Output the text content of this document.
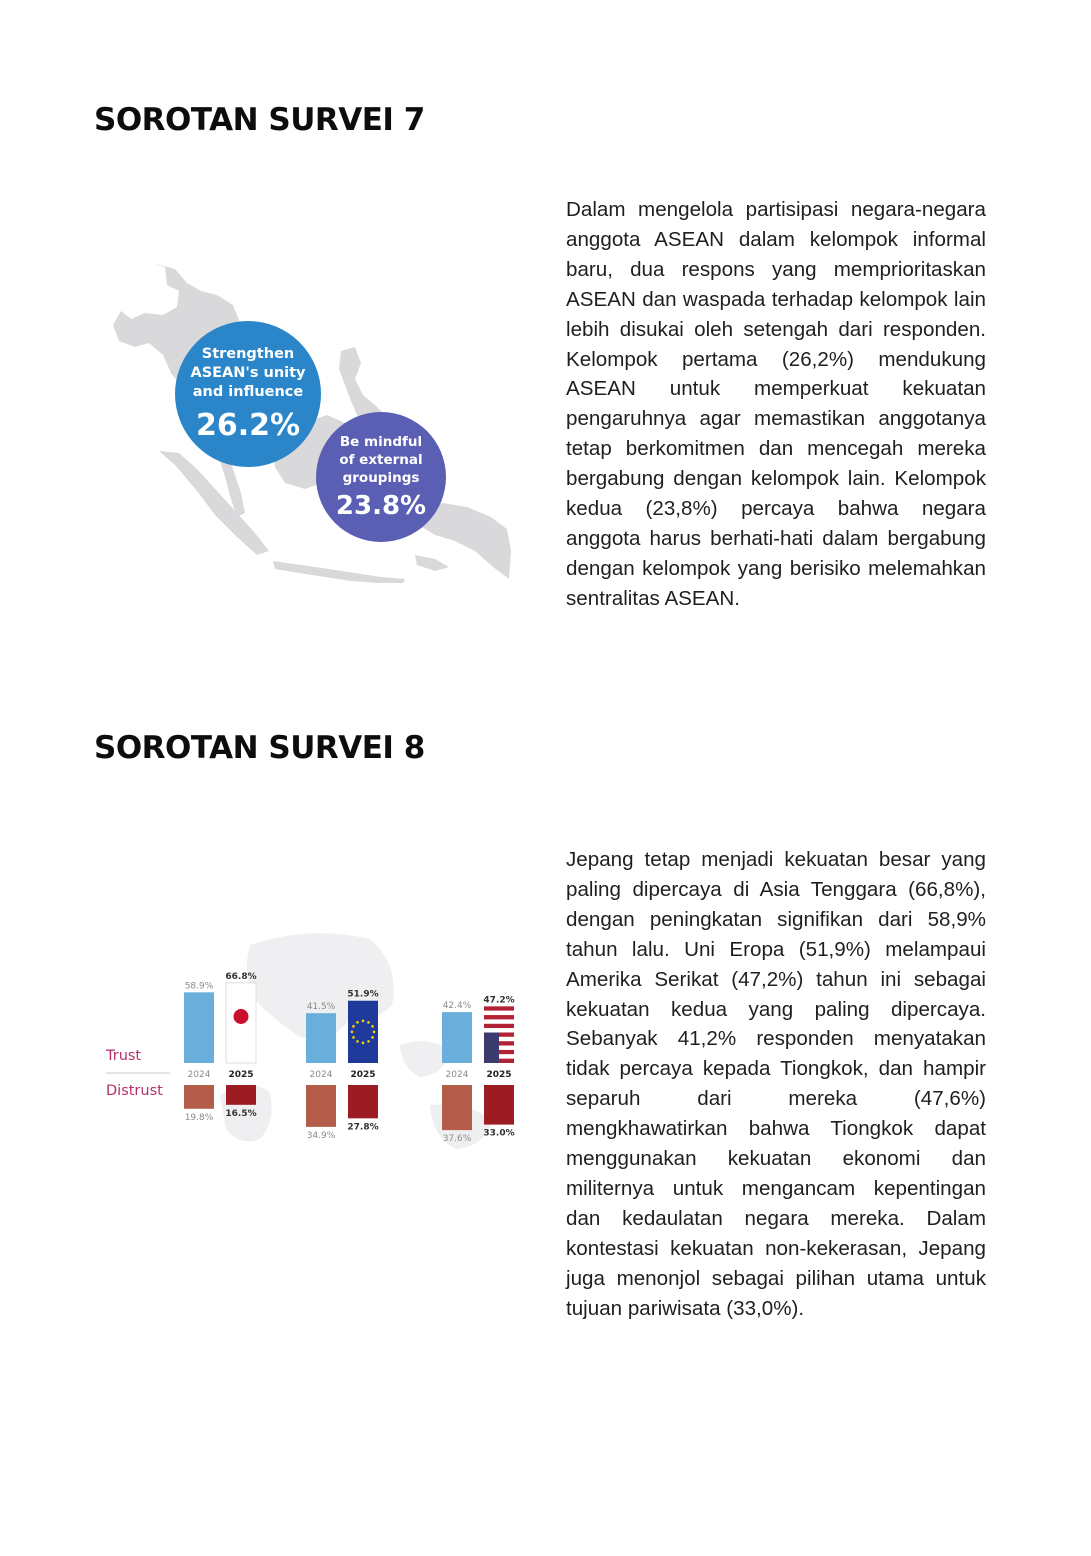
SOROTAN SURVEI 7
Strengthen
ASEAN's unity
and influence
26.2%	Be mindful
of external
groupings
23.8%

Dalam mengelola partisipasi negara-negara anggota ASEAN dalam kelompok informal baru, dua respons yang memprioritaskan ASEAN dan waspada terhadap kelompok lain lebih disukai oleh setengah dari responden. Kelompok pertama (26,2%) mendukung ASEAN untuk memperkuat kekuatan pengaruhnya agar memastikan anggotanya tetap berkomitmen dan mencegah mereka bergabung dengan kelompok lain. Kelompok kedua (23,8%) percaya bahwa negara anggota harus berhati-hati dalam bergabung dengan kelompok yang berisiko melemahkan sentralitas ASEAN.

SOROTAN SURVEI 8
58.9%
66.8%
2024 2025
19.8% 16.5%
41.5%
51.9%
2024 2025
34.9%
27.8%
42.4%
47.2%
2024 2025
37.6%
33.0%
Trust
Distrust

Jepang tetap menjadi kekuatan besar yang paling dipercaya di Asia Tenggara (66,8%), dengan peningkatan signifikan dari 58,9% tahun lalu. Uni Eropa (51,9%) melampaui Amerika Serikat (47,2%) tahun ini sebagai kekuatan kedua yang paling dipercaya. Sebanyak 41,2% responden menyatakan tidak percaya kepada Tiongkok, dan hampir separuh dari mereka (47,6%) mengkhawatirkan bahwa Tiongkok dapat menggunakan kekuatan ekonomi dan militernya untuk mengancam kepentingan dan kedaulatan negara mereka. Dalam kontestasi kekuatan non-kekerasan, Jepang juga menonjol sebagai pilihan utama untuk tujuan pariwisata (33,0%).
